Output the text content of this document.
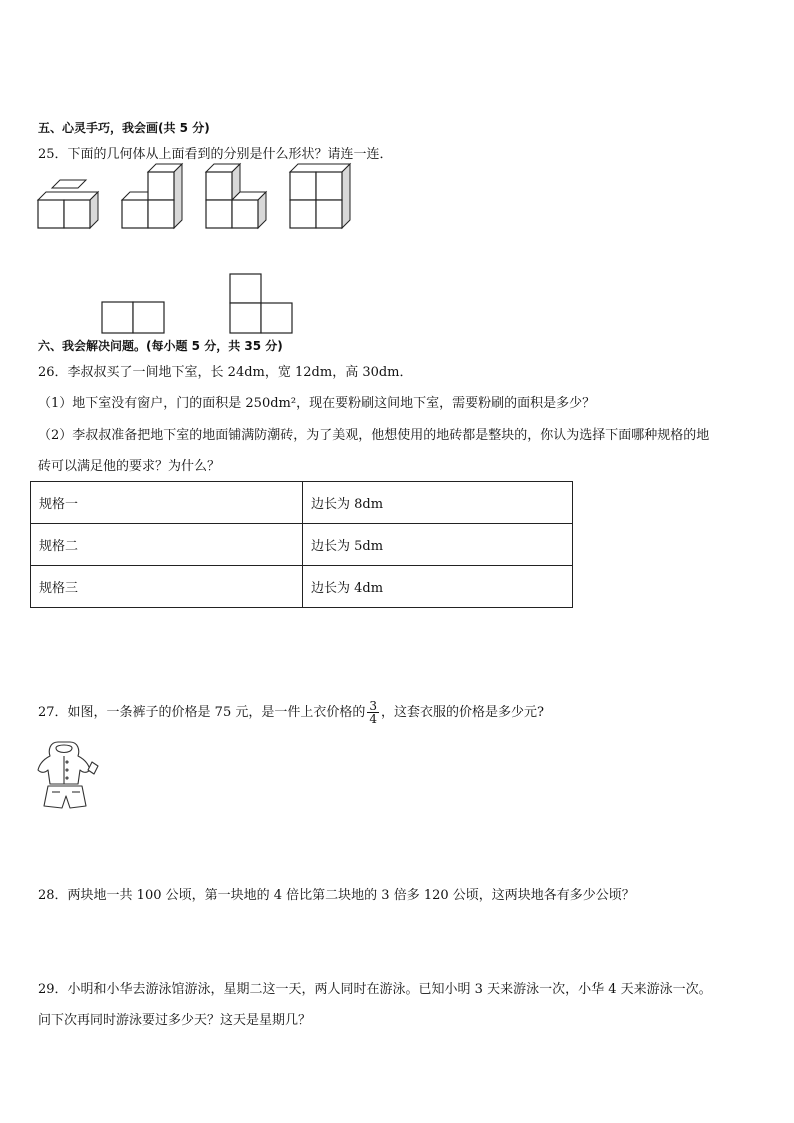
五、心灵手巧，我会画(共 5 分)
25．下面的几何体从上面看到的分别是什么形状？请连一连．
六、我会解决问题。(每小题 5 分，共 35 分)
26．李叔叔买了一间地下室，长 24dm，宽 12dm，高 30dm．
（1）地下室没有窗户，门的面积是 250dm²，现在要粉刷这间地下室，需要粉刷的面积是多少？
（2）李叔叔准备把地下室的地面铺满防潮砖，为了美观，他想使用的地砖都是整块的，你认为选择下面哪种规格的地
砖可以满足他的要求？为什么？
规格一	边长为 8dm
规格二	边长为 5dm
规格三	边长为 4dm
27．如图，一条裤子的价格是 75 元，是一件上衣价格的 $\frac{3}{4}$ ，这套衣服的价格是多少元?
28．两块地一共 100 公顷，第一块地的 4 倍比第二块地的 3 倍多 120 公顷，这两块地各有多少公顷？
29．小明和小华去游泳馆游泳，星期二这一天，两人同时在游泳。已知小明 3 天来游泳一次，小华 4 天来游泳一次。
问下次再同时游泳要过多少天？这天是星期几？
